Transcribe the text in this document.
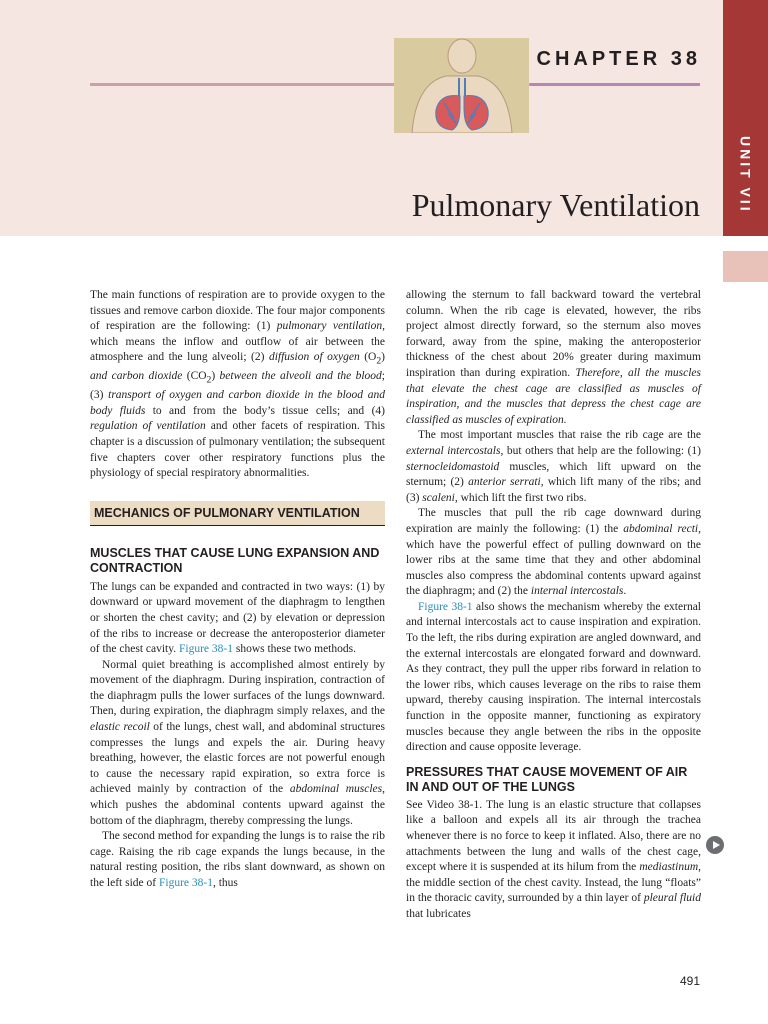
UNIT VII
CHAPTER 38
Pulmonary Ventilation

The main functions of respiration are to provide oxygen to the tissues and remove carbon dioxide. The four major components of respiration are the following: (1) pulmonary ventilation, which means the inflow and outflow of air between the atmosphere and the lung alveoli; (2) diffusion of oxygen $(O_2)$ and carbon dioxide $(CO_2)$ between the alveoli and the blood; (3) transport of oxygen and carbon dioxide in the blood and body fluids to and from the body’s tissue cells; and (4) regulation of ventilation and other facets of respiration. This chapter is a discussion of pulmonary ventilation; the subsequent five chapters cover other respiratory functions plus the physiology of special respiratory abnormalities.

MECHANICS OF PULMONARY VENTILATION
MUSCLES THAT CAUSE LUNG EXPANSION AND CONTRACTION

The lungs can be expanded and contracted in two ways: (1) by downward or upward movement of the diaphragm to lengthen or shorten the chest cavity; and (2) by elevation or depression of the ribs to increase or decrease the anteroposterior diameter of the chest cavity. Figure 38-1 shows these two methods.

Normal quiet breathing is accomplished almost entirely by movement of the diaphragm. During inspiration, contraction of the diaphragm pulls the lower surfaces of the lungs downward. Then, during expiration, the diaphragm simply relaxes, and the elastic recoil of the lungs, chest wall, and abdominal structures compresses the lungs and expels the air. During heavy breathing, however, the elastic forces are not powerful enough to cause the necessary rapid expiration, so extra force is achieved mainly by contraction of the abdominal muscles, which pushes the abdominal contents upward against the bottom of the diaphragm, thereby compressing the lungs.

The second method for expanding the lungs is to raise the rib cage. Raising the rib cage expands the lungs because, in the natural resting position, the ribs slant downward, as shown on the left side of Figure 38-1, thus

allowing the sternum to fall backward toward the vertebral column. When the rib cage is elevated, however, the ribs project almost directly forward, so the sternum also moves forward, away from the spine, making the anteroposterior thickness of the chest about 20% greater during maximum inspiration than during expiration. Therefore, all the muscles that elevate the chest cage are classified as muscles of inspiration, and the muscles that depress the chest cage are classified as muscles of expiration.

The most important muscles that raise the rib cage are the external intercostals, but others that help are the following: (1) sternocleidomastoid muscles, which lift upward on the sternum; (2) anterior serrati, which lift many of the ribs; and (3) scaleni, which lift the first two ribs.

The muscles that pull the rib cage downward during expiration are mainly the following: (1) the abdominal recti, which have the powerful effect of pulling downward on the lower ribs at the same time that they and other abdominal muscles also compress the abdominal contents upward against the diaphragm; and (2) the internal intercostals.

Figure 38-1 also shows the mechanism whereby the external and internal intercostals act to cause inspiration and expiration. To the left, the ribs during expiration are angled downward, and the external intercostals are elongated forward and downward. As they contract, they pull the upper ribs forward in relation to the lower ribs, which causes leverage on the ribs to raise them upward, thereby causing inspiration. The internal intercostals function in the opposite manner, functioning as expiratory muscles because they angle between the ribs in the opposite direction and cause opposite leverage.

PRESSURES THAT CAUSE MOVEMENT OF AIR IN AND OUT OF THE LUNGS

See Video 38-1. The lung is an elastic structure that collapses like a balloon and expels all its air through the trachea whenever there is no force to keep it inflated. Also, there are no attachments between the lung and walls of the chest cage, except where it is suspended at its hilum from the mediastinum, the middle section of the chest cavity. Instead, the lung “floats” in the thoracic cavity, surrounded by a thin layer of pleural fluid that lubricates

491
